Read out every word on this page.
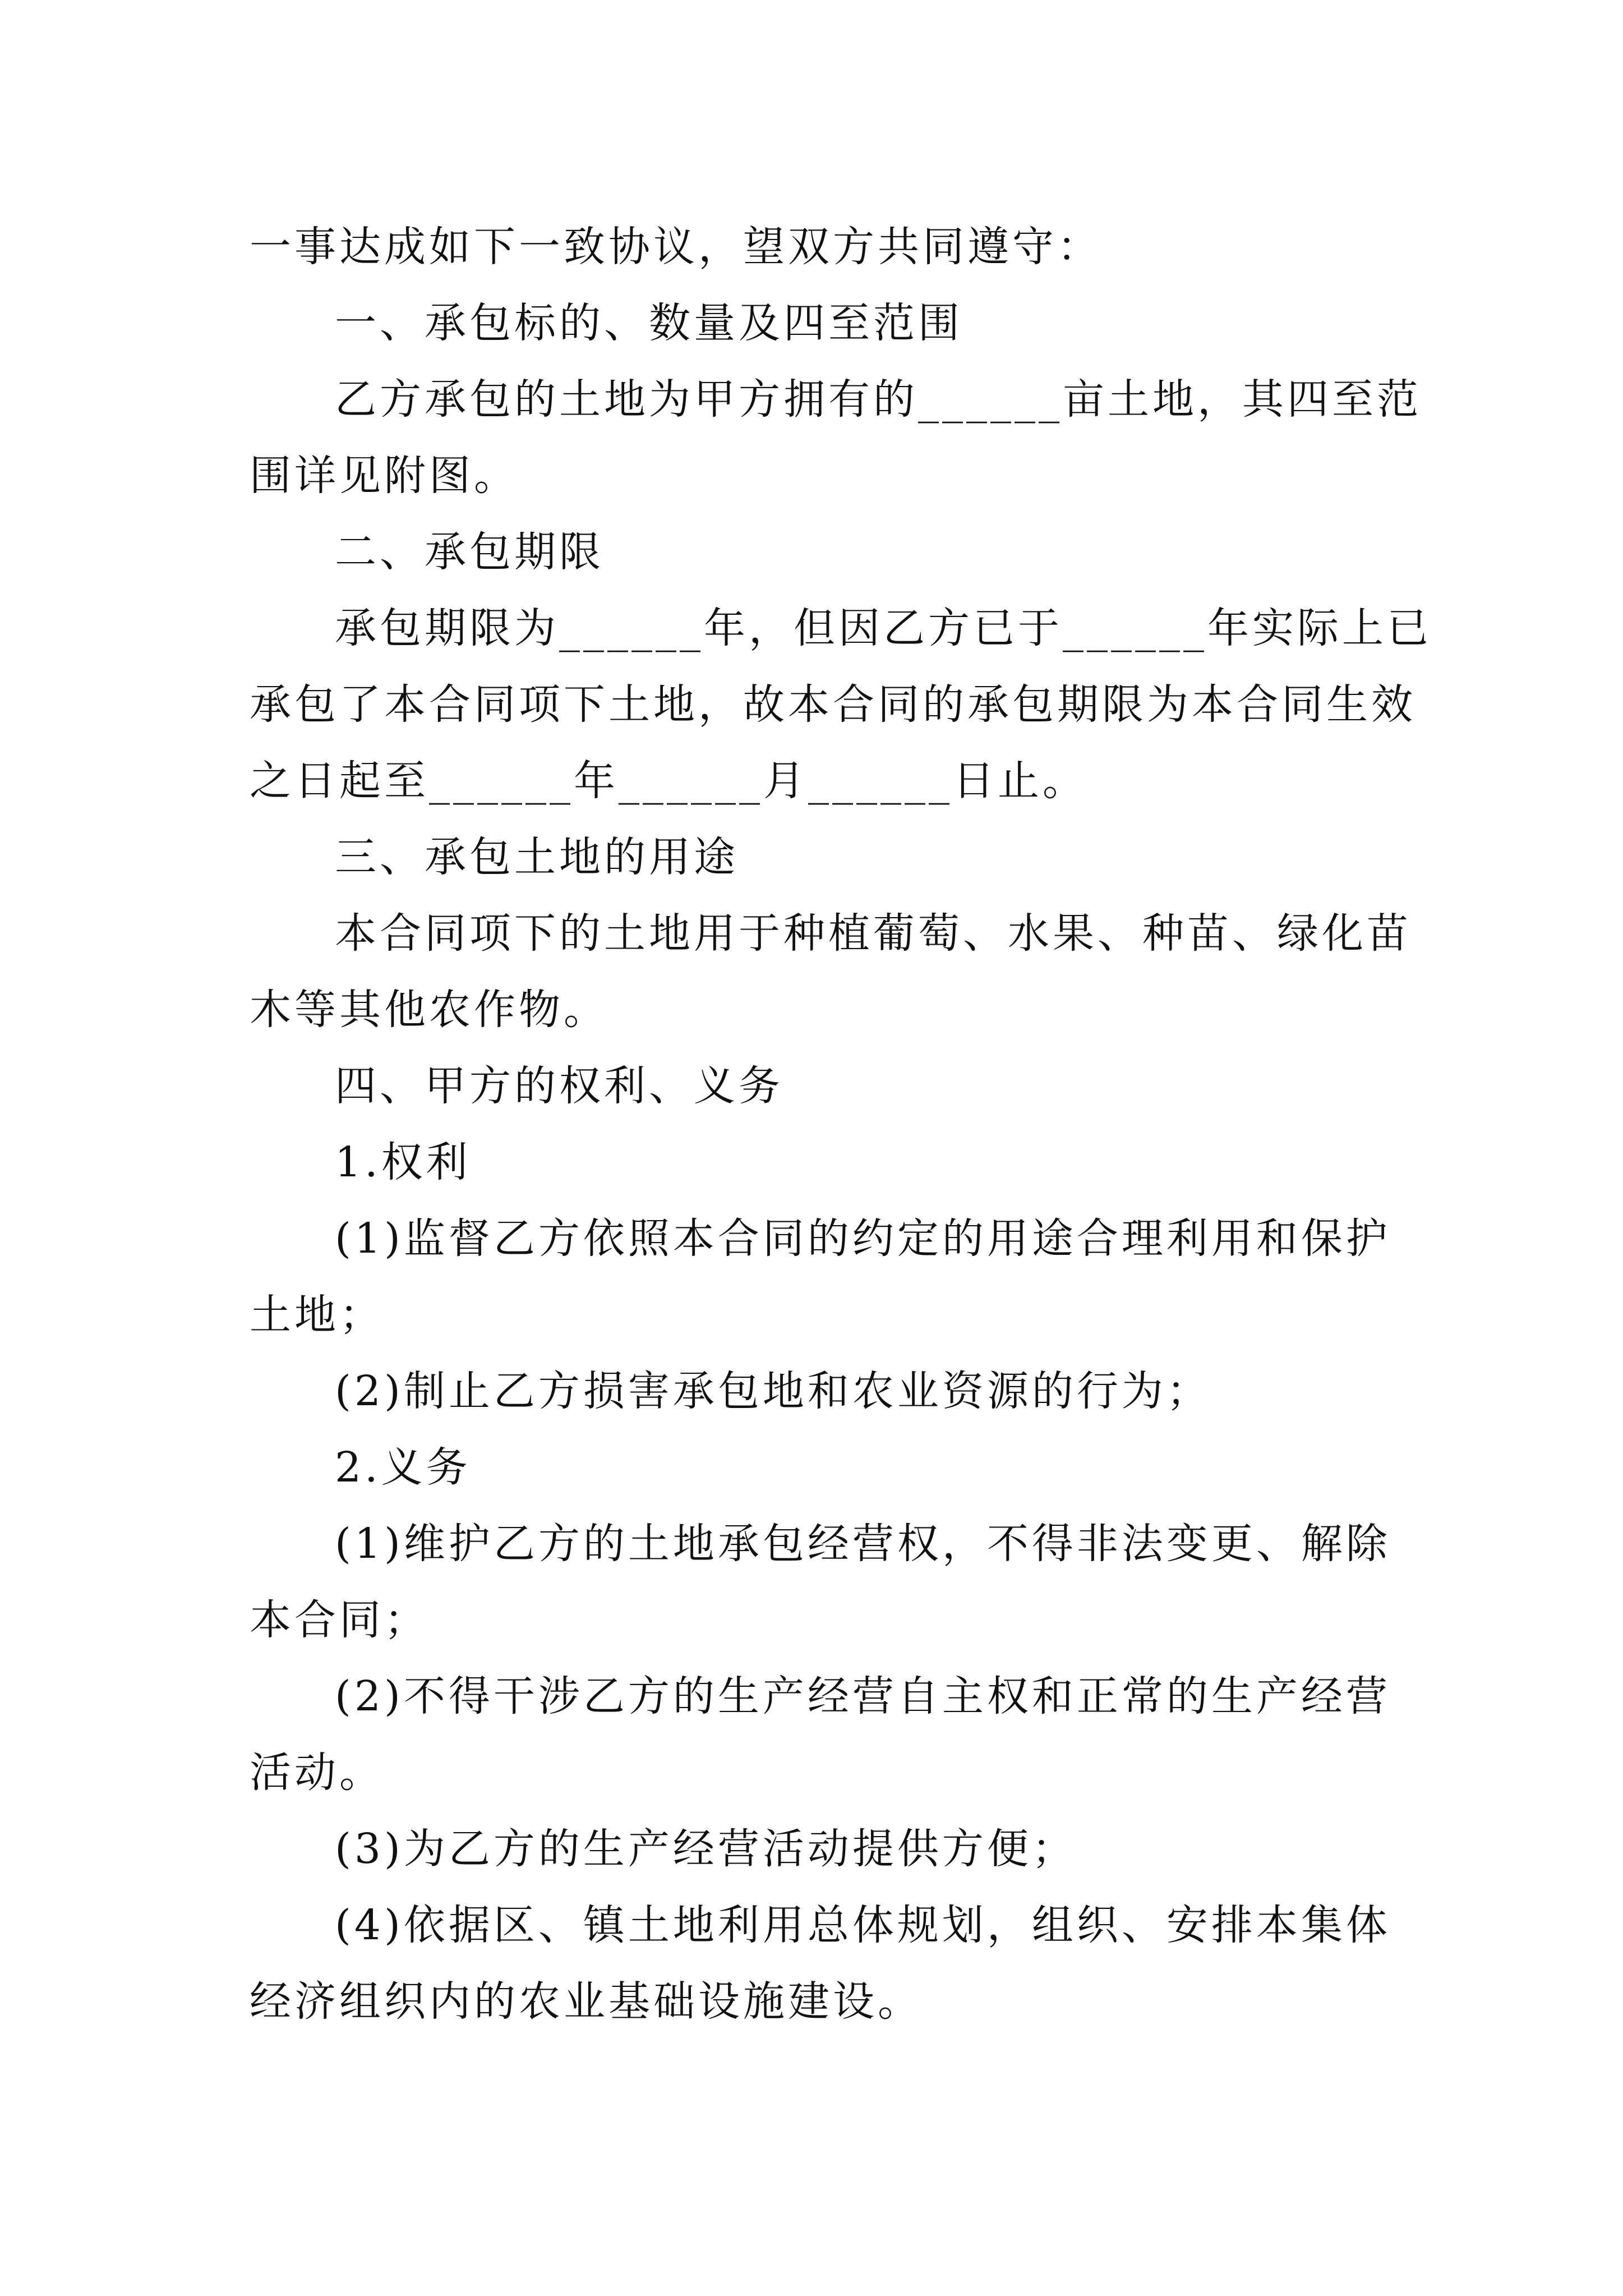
一事达成如下一致协议，望双方共同遵守：
一、承包标的、数量及四至范围
乙方承包的土地为甲方拥有的______亩土地，其四至范
围详见附图。
二、承包期限
承包期限为______年，但因乙方已于______年实际上已
承包了本合同项下土地，故本合同的承包期限为本合同生效
之日起至______年______月______日止。
三、承包土地的用途
本合同项下的土地用于种植葡萄、水果、种苗、绿化苗
木等其他农作物。
四、甲方的权利、义务
1.权利
(1)监督乙方依照本合同的约定的用途合理利用和保护
土地；
(2)制止乙方损害承包地和农业资源的行为；
2.义务
(1)维护乙方的土地承包经营权，不得非法变更、解除
本合同；
(2)不得干涉乙方的生产经营自主权和正常的生产经营
活动。
(3)为乙方的生产经营活动提供方便；
(4)依据区、镇土地利用总体规划，组织、安排本集体
经济组织内的农业基础设施建设。
